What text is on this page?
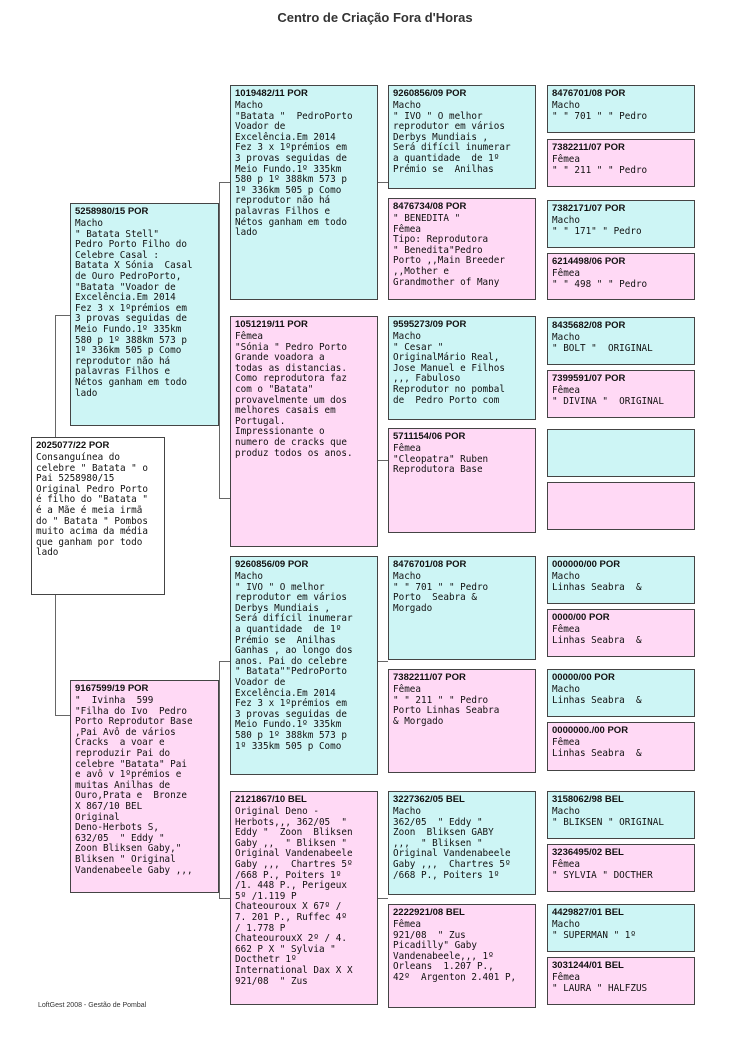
Centro de Criação Fora d'Horas
2025077/22 POR
Consanguínea do
celebre " Batata " o
Pai 5258980/15
Original Pedro Porto
é filho do "Batata "
é a Mãe é meia irmã
do " Batata " Pombos
muito acima da média
que ganham por todo
lado
5258980/15 POR
Macho
" Batata Stell"
Pedro Porto Filho do
Celebre Casal :
Batata X Sónia  Casal
de Ouro PedroPorto,
"Batata "Voador de
Excelência.Em 2014
Fez 3 x 1ºprémios em
3 provas seguidas de
Meio Fundo.1º 335km
580 p 1º 388km 573 p
1º 336km 505 p Como
reprodutor não há
palavras Filhos e
Nétos ganham em todo
lado
9167599/19 POR
"  Ivinha  599
"Filha do Ivo  Pedro
Porto Reprodutor Base
,Pai Avô de vários
Cracks  a voar e
reproduzir Pai do
celebre "Batata" Pai
e avô v 1ºprémios e
muitas Anilhas de
Ouro,Prata e  Bronze
X 867/10 BEL
Original
Deno-Herbots S,
632/05  " Eddy "
Zoon Bliksen Gaby,"
Bliksen " Original
Vandenabeele Gaby ,,,
1019482/11 POR
Macho
"Batata "  PedroPorto
Voador de
Excelência.Em 2014
Fez 3 x 1ºprémios em
3 provas seguidas de
Meio Fundo.1º 335km
580 p 1º 388km 573 p
1º 336km 505 p Como
reprodutor não há
palavras Filhos e
Nétos ganham em todo
lado
1051219/11 POR
Fêmea
"Sónia " Pedro Porto
Grande voadora a
todas as distancias.
Como reprodutora faz
com o "Batata"
provavelmente um dos
melhores casais em
Portugal.
Impressionante o
numero de cracks que
produz todos os anos.
9260856/09 POR
Macho
" IVO " O melhor
reprodutor em vários
Derbys Mundiais ,
Será difícil inumerar
a quantidade  de 1º
Prémio se  Anilhas
Ganhas , ao longo dos
anos. Pai do celebre
" Batata""PedroPorto
Voador de
Excelência.Em 2014
Fez 3 x 1ºprémios em
3 provas seguidas de
Meio Fundo.1º 335km
580 p 1º 388km 573 p
1º 335km 505 p Como
2121867/10 BEL
Original Deno -
Herbots,,, 362/05  "
Eddy "  Zoon  Bliksen
Gaby ,,  " Bliksen "
Original Vandenabeele
Gaby ,,,  Chartres 5º
/668 P., Poiters 1º
/1. 448 P., Perigeux
5º /1.119 P
Chateouroux X 67º /
7. 201 P., Ruffec 4º
/ 1.778 P
ChateourouxX 2º / 4.
662 P X " Sylvia "
Docthetr 1º
International Dax X X
921/08  " Zus
9260856/09 POR
Macho
" IVO " O melhor
reprodutor em vários
Derbys Mundiais ,
Será difícil inumerar
a quantidade  de 1º
Prémio se  Anilhas
8476734/08 POR
" BENEDITA "
Fêmea
Tipo: Reprodutora
" Benedita"Pedro
Porto ,,Main Breeder
,,Mother e
Grandmother of Many
9595273/09 POR
Macho
" Cesar "
OriginalMário Real,
Jose Manuel e Filhos
,,, Fabuloso
Reprodutor no pombal
de  Pedro Porto com
5711154/06 POR
Fêmea
"Cleopatra" Ruben
Reprodutora Base
8476701/08 POR
Macho
" " 701 " " Pedro
Porto  Seabra &
Morgado
7382211/07 POR
Fêmea
" " 211 " " Pedro
Porto Linhas Seabra
& Morgado
3227362/05 BEL
Macho
362/05  " Eddy "
Zoon  Bliksen GABY
,,,  " Bliksen "
Original Vandenabeele
Gaby ,,,  Chartres 5º
/668 P., Poiters 1º
2222921/08 BEL
Fêmea
921/08  " Zus
Picadilly" Gaby
Vandenabeele,,, 1º
Orleans  1.207 P.,
42º  Argenton 2.401 P,
8476701/08 POR
Macho
" " 701 " " Pedro
7382211/07 POR
Fêmea
" " 211 " " Pedro
7382171/07 POR
Macho
" " 171" " Pedro
6214498/06 POR
Fêmea
" " 498 " " Pedro
8435682/08 POR
Macho
" BOLT "  ORIGINAL
7399591/07 POR
Fêmea
" DIVINA "  ORIGINAL
000000/00 POR
Macho
Linhas Seabra  &
0000/00 POR
Fêmea
Linhas Seabra  &
00000/00 POR
Macho
Linhas Seabra  &
0000000./00 POR
Fêmea
Linhas Seabra  &
3158062/98 BEL
Macho
" BLIKSEN " ORIGINAL
3236495/02 BEL
Fêmea
" SYLVIA " DOCTHER
4429827/01 BEL
Macho
" SUPERMAN " 1º
3031244/01 BEL
Fêmea
" LAURA " HALFZUS
LoftGest 2008 - Gestão de Pombal
